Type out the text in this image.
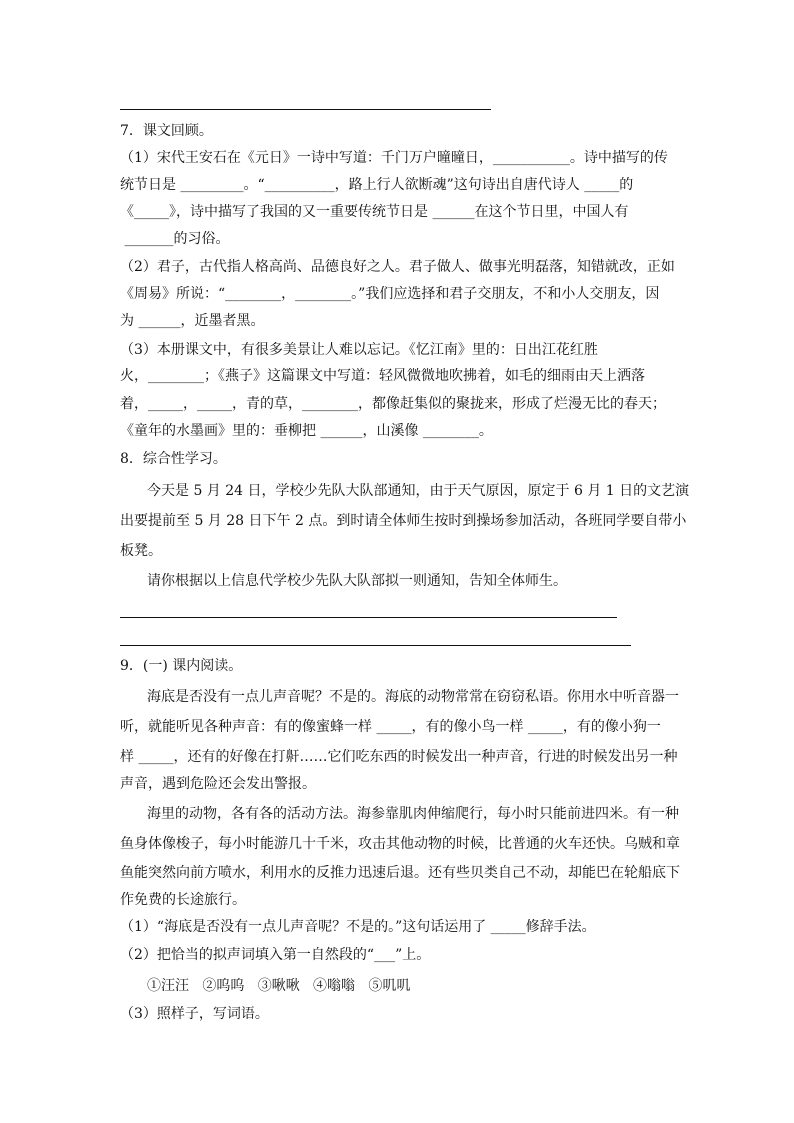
7．课文回顾。
（1）宋代王安石在《元日》一诗中写道：千门万户曈曈日，___________。诗中描写的传
统节日是 _________。“__________，路上行人欲断魂”这句诗出自唐代诗人 _____的
《_____》，诗中描写了我国的又一重要传统节日是 ______在这个节日里，中国人有
_______的习俗。
（2）君子，古代指人格高尚、品德良好之人。君子做人、做事光明磊落，知错就改，正如
《周易》所说：“________，________。”我们应选择和君子交朋友，不和小人交朋友，因
为 ______，近墨者黑。
（3）本册课文中，有很多美景让人难以忘记。《忆江南》里的：日出江花红胜
火，________；《燕子》这篇课文中写道：轻风微微地吹拂着，如毛的细雨由天上洒落
着，_____，_____，青的草，________，都像赶集似的聚拢来，形成了烂漫无比的春天；
《童年的水墨画》里的：垂柳把 ______，山溪像 ________。
8．综合性学习。
今天是 5 月 24 日，学校少先队大队部通知，由于天气原因，原定于 6 月 1 日的文艺演
出要提前至 5 月 28 日下午 2 点。到时请全体师生按时到操场参加活动，各班同学要自带小
板凳。
请你根据以上信息代学校少先队大队部拟一则通知，告知全体师生。
9．(一) 课内阅读。
海底是否没有一点儿声音呢？不是的。海底的动物常常在窃窃私语。你用水中听音器一
听，就能听见各种声音：有的像蜜蜂一样 _____，有的像小鸟一样 _____，有的像小狗一
样 _____，还有的好像在打鼾……它们吃东西的时候发出一种声音，行进的时候发出另一种
声音，遇到危险还会发出警报。
海里的动物，各有各的活动方法。海参靠肌肉伸缩爬行，每小时只能前进四米。有一种
鱼身体像梭子，每小时能游几十千米，攻击其他动物的时候，比普通的火车还快。乌贼和章
鱼能突然向前方喷水，利用水的反推力迅速后退。还有些贝类自己不动，却能巴在轮船底下
作免费的长途旅行。
（1）“海底是否没有一点儿声音呢？不是的。”这句话运用了 _____修辞手法。
（2）把恰当的拟声词填入第一自然段的“___”上。
①汪汪   ②呜呜   ③啾啾   ④嗡嗡   ⑤叽叽
（3）照样子，写词语。
